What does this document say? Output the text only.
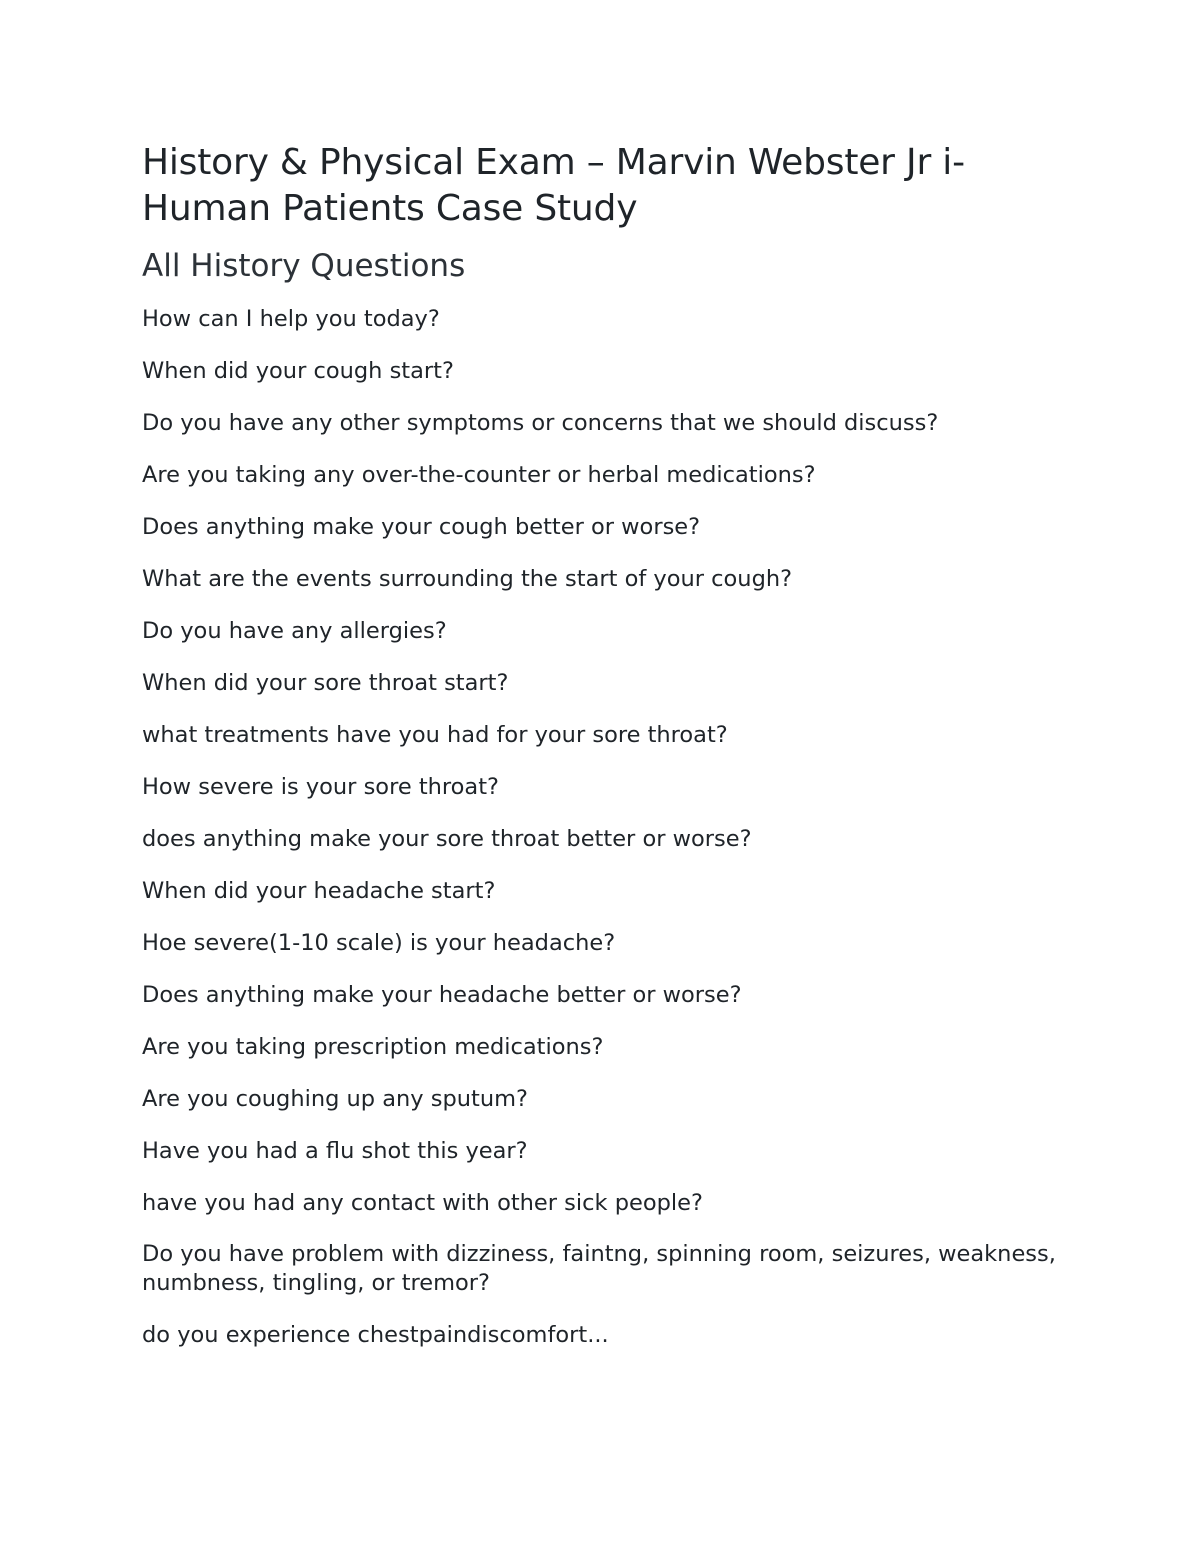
History & Physical Exam – Marvin Webster Jr i-Human Patients Case Study
All History Questions
How can I help you today?
When did your cough start?
Do you have any other symptoms or concerns that we should discuss?
Are you taking any over-the-counter or herbal medications?
Does anything make your cough better or worse?
What are the events surrounding the start of your cough?
Do you have any allergies?
When did your sore throat start?
what treatments have you had for your sore throat?
How severe is your sore throat?
does anything make your sore throat better or worse?
When did your headache start?
Hoe severe(1-10 scale) is your headache?
Does anything make your headache better or worse?
Are you taking prescription medications?
Are you coughing up any sputum?
Have you had a flu shot this year?
have you had any contact with other sick people?
Do you have problem with dizziness, faintng, spinning room, seizures, weakness, numbness, tingling, or tremor?
do you experience chestpaindiscomfort...
